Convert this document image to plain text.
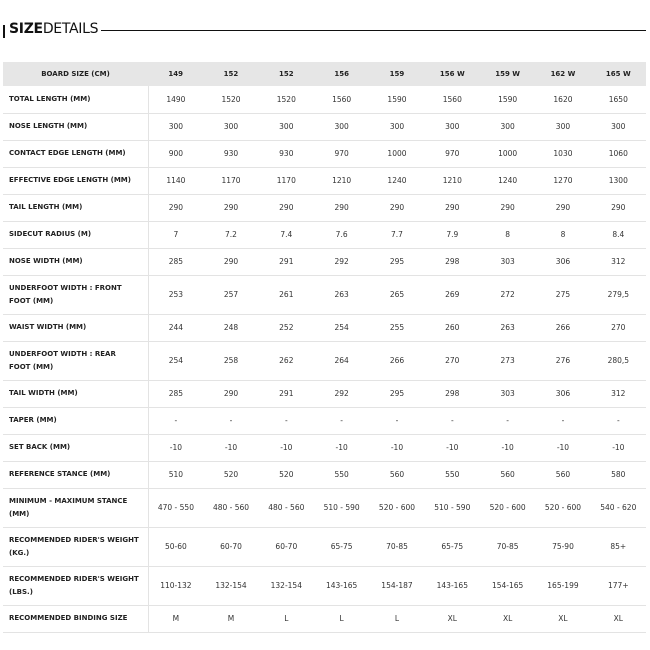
SIZEDETAILS
BOARD SIZE (CM)	149	152	152	156	159	156 W	159 W	162 W	165 W
TOTAL LENGTH (MM)	1490	1520	1520	1560	1590	1560	1590	1620	1650
NOSE LENGTH (MM)	300	300	300	300	300	300	300	300	300
CONTACT EDGE LENGTH (MM)	900	930	930	970	1000	970	1000	1030	1060
EFFECTIVE EDGE LENGTH (MM)	1140	1170	1170	1210	1240	1210	1240	1270	1300
TAIL LENGTH (MM)	290	290	290	290	290	290	290	290	290
SIDECUT RADIUS (M)	7	7.2	7.4	7.6	7.7	7.9	8	8	8.4
NOSE WIDTH (MM)	285	290	291	292	295	298	303	306	312
UNDERFOOT WIDTH : FRONT FOOT (MM)	253	257	261	263	265	269	272	275	279,5
WAIST WIDTH (MM)	244	248	252	254	255	260	263	266	270
UNDERFOOT WIDTH : REAR FOOT (MM)	254	258	262	264	266	270	273	276	280,5
TAIL WIDTH (MM)	285	290	291	292	295	298	303	306	312
TAPER (MM)	-	-	-	-	-	-	-	-	-
SET BACK (MM)	-10	-10	-10	-10	-10	-10	-10	-10	-10
REFERENCE STANCE (MM)	510	520	520	550	560	550	560	560	580
MINIMUM - MAXIMUM STANCE (MM)	470 - 550	480 - 560	480 - 560	510 - 590	520 - 600	510 - 590	520 - 600	520 - 600	540 - 620
RECOMMENDED RIDER'S WEIGHT (KG.)	50-60	60-70	60-70	65-75	70-85	65-75	70-85	75-90	85+
RECOMMENDED RIDER'S WEIGHT (LBS.)	110-132	132-154	132-154	143-165	154-187	143-165	154-165	165-199	177+
RECOMMENDED BINDING SIZE	M	M	L	L	L	XL	XL	XL	XL
